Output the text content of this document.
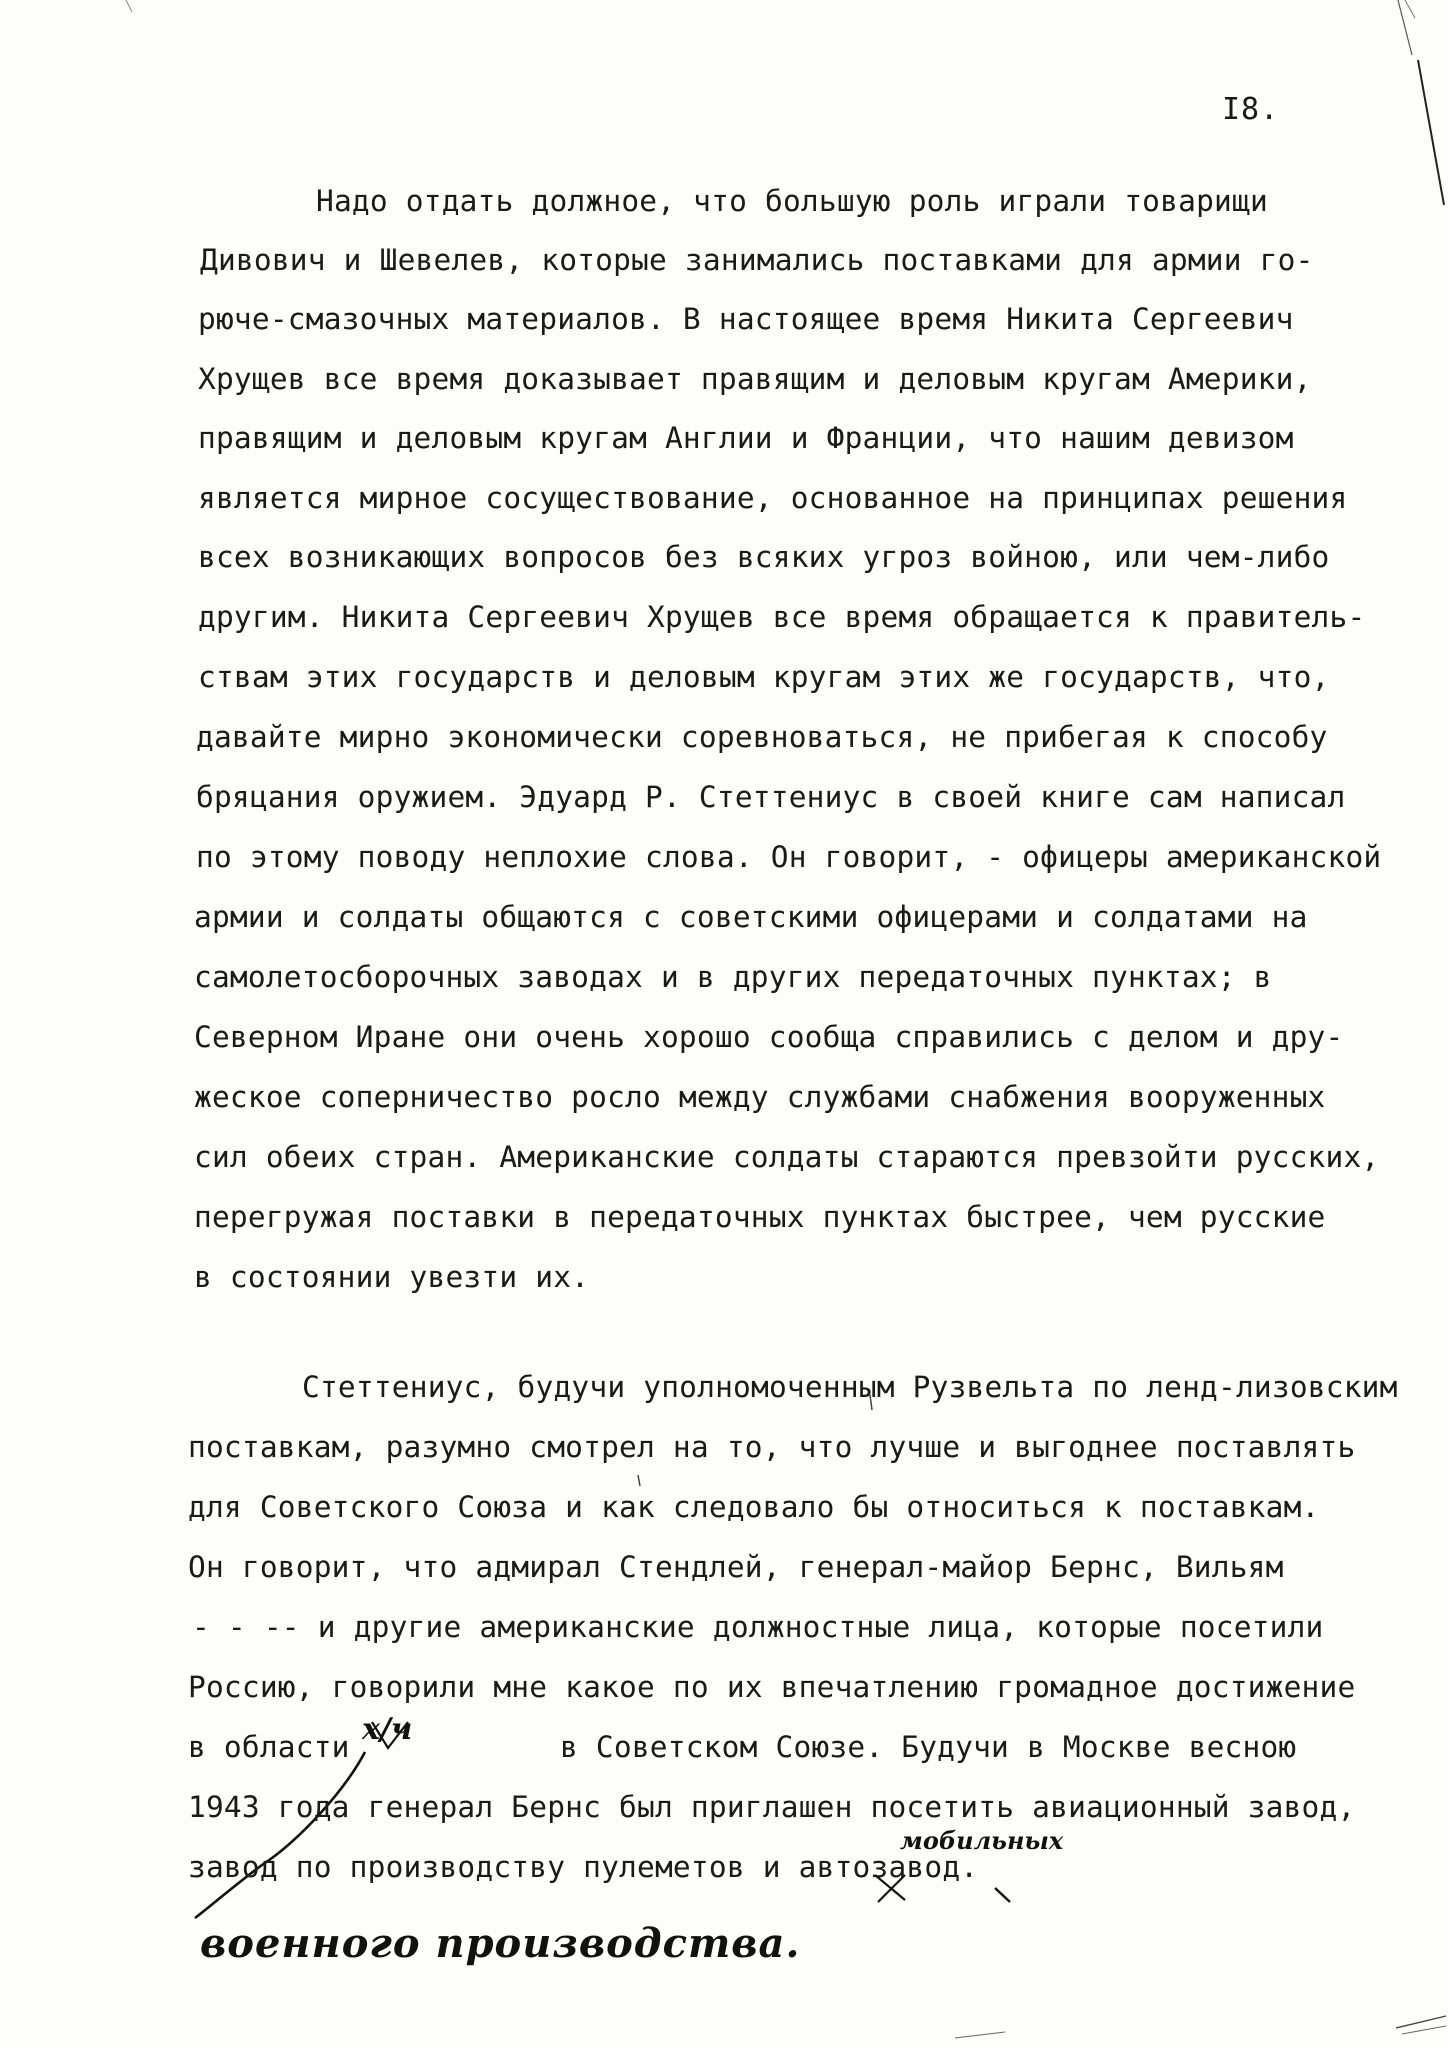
I8.
Надо отдать должное, что большую роль играли товарищи
Дивович и Шевелев, которые занимались поставками для армии го-
рюче-смазочных материалов. В настоящее время Никита Сергеевич
Хрущев все время доказывает правящим и деловым кругам Америки,
правящим и деловым кругам Англии и Франции, что нашим девизом
является мирное сосуществование, основанное на принципах решения
всех возникающих вопросов без всяких угроз войною, или чем-либо
другим. Никита Сергеевич Хрущев все время обращается к правитель-
ствам этих государств и деловым кругам этих же государств, что,
давайте мирно экономически соревноваться, не прибегая к способу
бряцания оружием. Эдуард Р. Стеттениус в своей книге сам написал
по этому поводу неплохие слова. Он говорит, - офицеры американской
армии и солдаты общаются с советскими офицерами и солдатами на
самолетосборочных заводах и в других передаточных пунктах; в
Северном Иране они очень хорошо сообща справились с делом и дру-
жеское соперничество росло между службами снабжения вооруженных
сил обеих стран. Американские солдаты стараются превзойти русских,
перегружая поставки в передаточных пунктах быстрее, чем русские
в состоянии увезти их.
Стеттениус, будучи уполномоченным Рузвельта по ленд-лизовским
поставкам, разумно смотрел на то, что лучше и выгоднее поставлять
для Советского Союза и как следовало бы относиться к поставкам.
Он говорит, что адмирал Стендлей, генерал-майор Бернс, Вильям
- - -- и другие американские должностные лица, которые посетили
Россию, говорили мне какое по их впечатлению громадное достижение
в области	в Советском Союзе. Будучи в Москве весною
1943 года генерал Бернс был приглашен посетить авиационный завод,
завод по производству пулеметов и автозавод.
х/ч
мобильных
военного производства.
